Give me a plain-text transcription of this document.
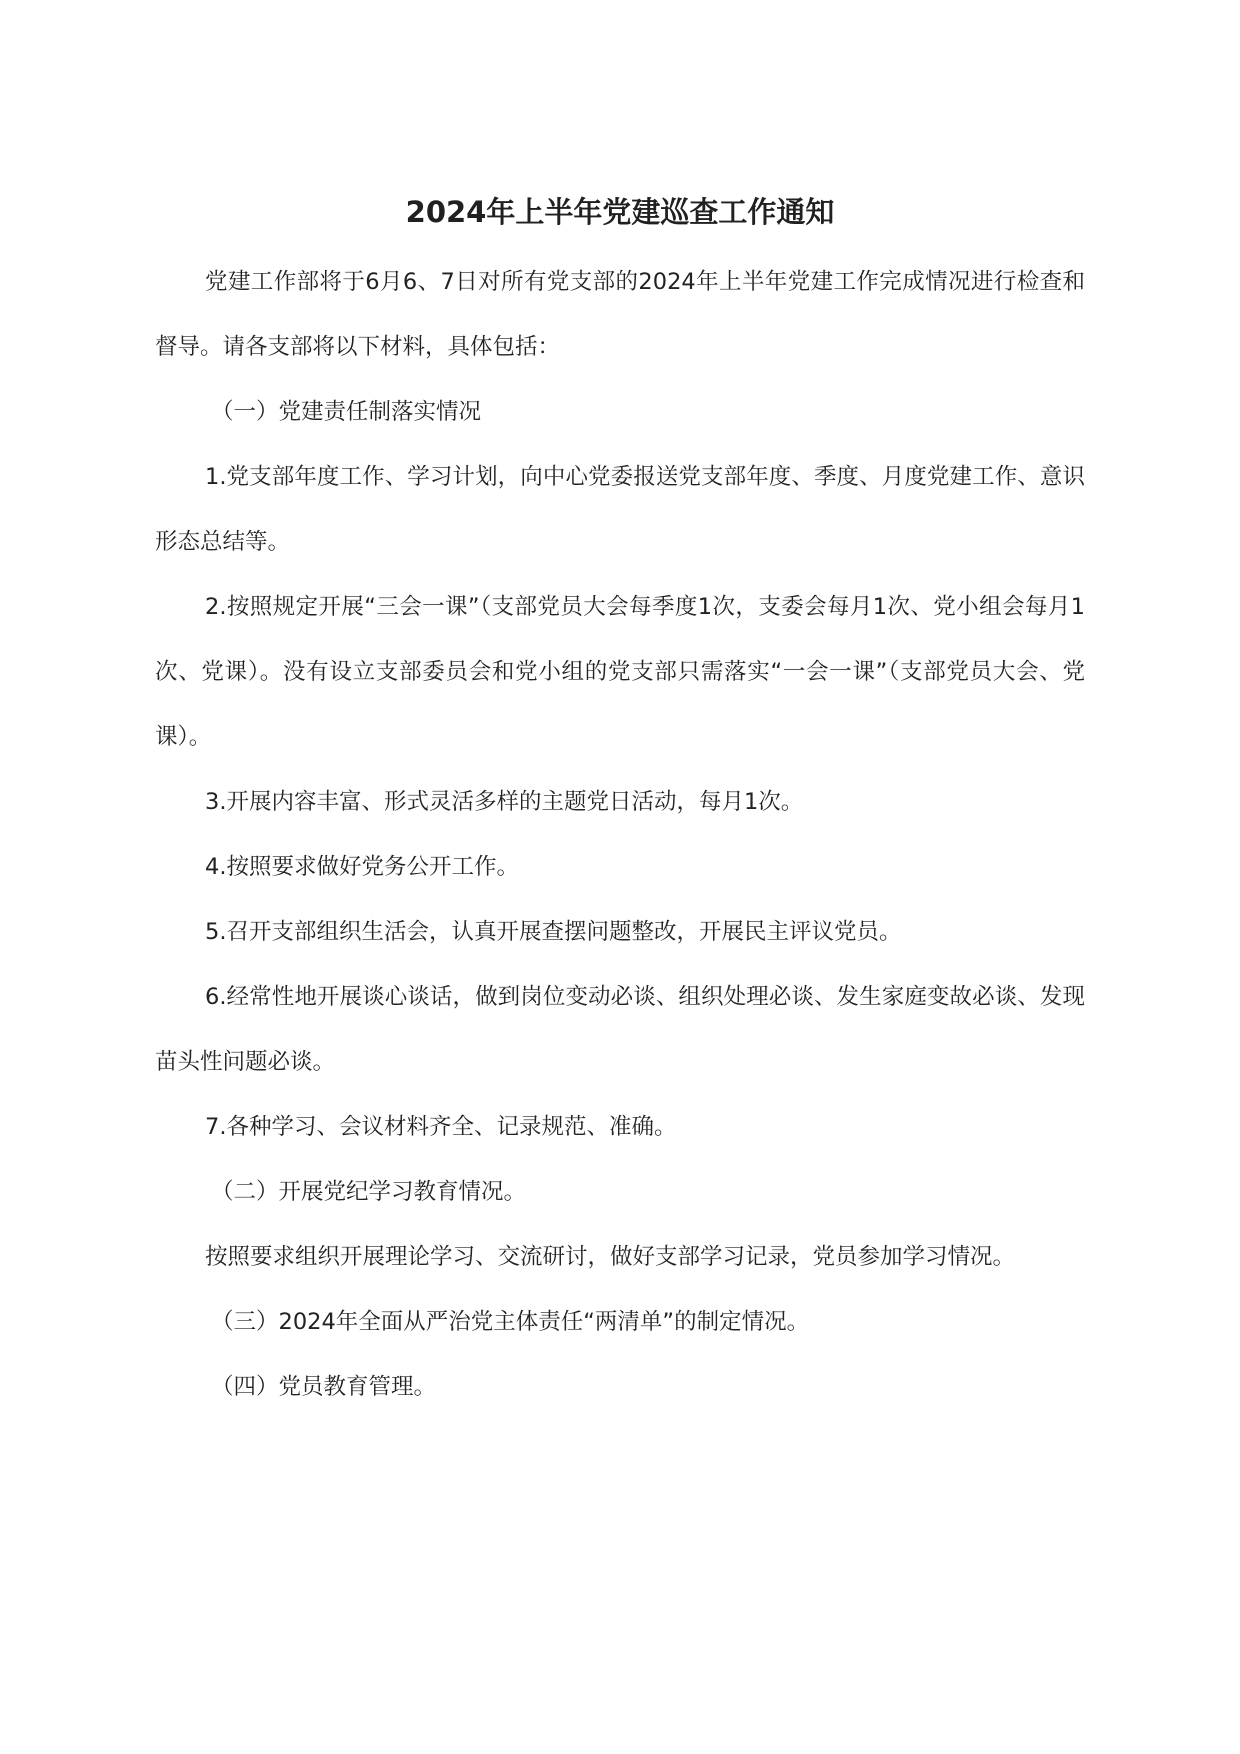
2024年上半年党建巡查工作通知

党建工作部将于6月6、7日对所有党支部的2024年上半年党建工作完成情况进行检查和督导。请各支部将以下材料，具体包括：

（一）党建责任制落实情况

1.党支部年度工作、学习计划，向中心党委报送党支部年度、季度、月度党建工作、意识形态总结等。

2.按照规定开展“三会一课”（支部党员大会每季度1次，支委会每月1次、党小组会每月1次、党课）。没有设立支部委员会和党小组的党支部只需落实“一会一课”（支部党员大会、党课）。

3.开展内容丰富、形式灵活多样的主题党日活动，每月1次。

4.按照要求做好党务公开工作。

5.召开支部组织生活会，认真开展查摆问题整改，开展民主评议党员。

6.经常性地开展谈心谈话，做到岗位变动必谈、组织处理必谈、发生家庭变故必谈、发现苗头性问题必谈。

7.各种学习、会议材料齐全、记录规范、准确。

（二）开展党纪学习教育情况。

按照要求组织开展理论学习、交流研讨，做好支部学习记录，党员参加学习情况。

（三）2024年全面从严治党主体责任“两清单”的制定情况。

（四）党员教育管理。
